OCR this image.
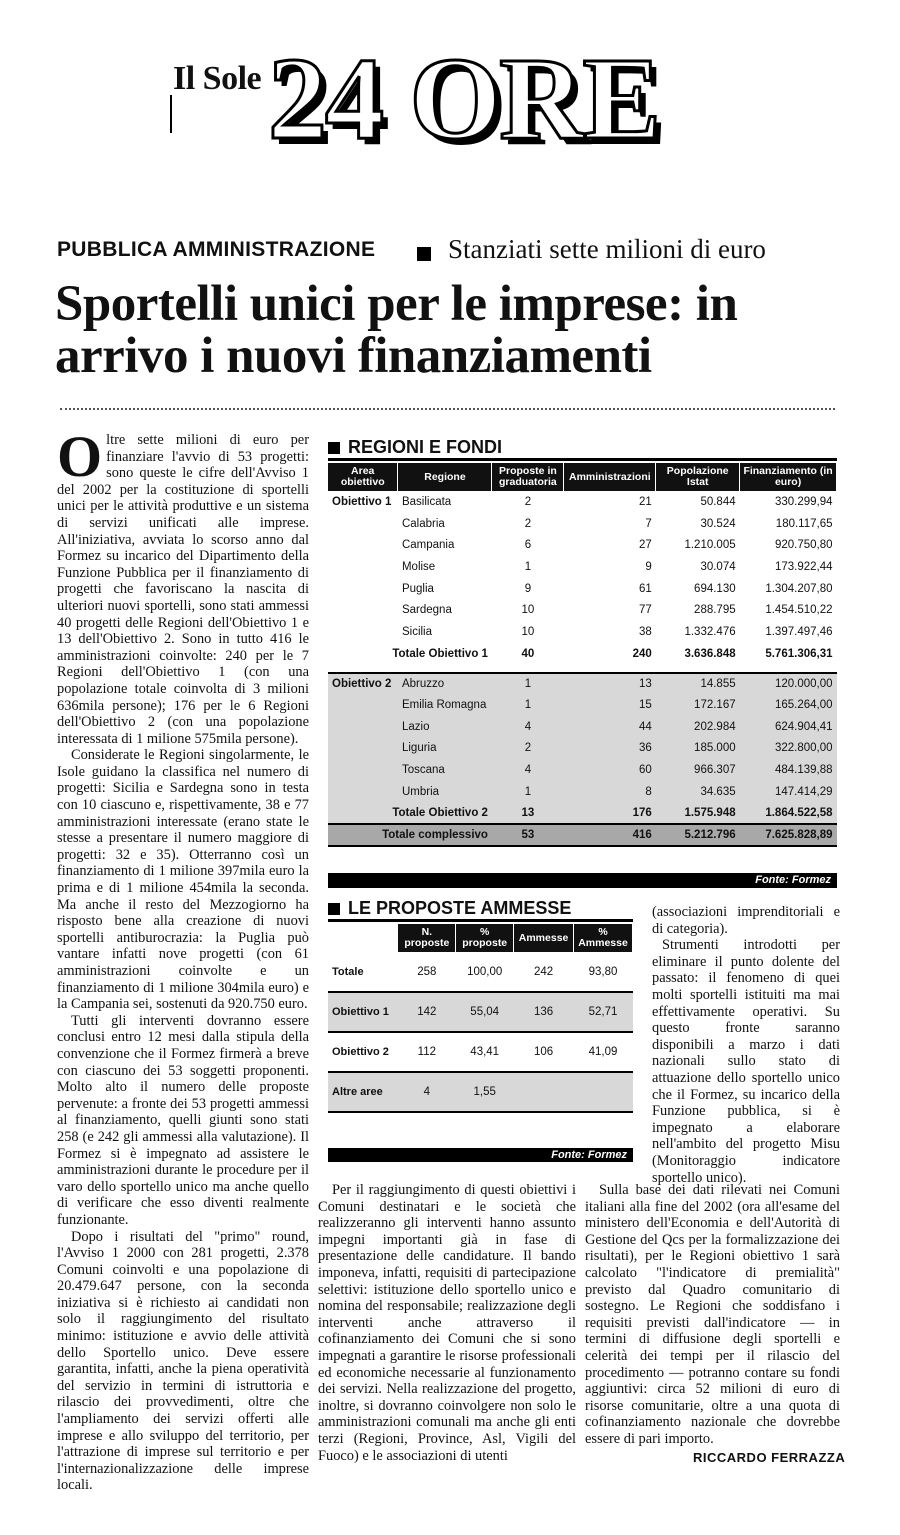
Il Sole 24 ORE
PUBBLICA AMMINISTRAZIONE	Stanziati sette milioni di euro
Sportelli unici per le imprese: in arrivo i nuovi finanziamenti

Oltre sette milioni di euro per finanziare l'avvio di 53 progetti: sono queste le cifre dell'Avviso 1 del 2002 per la costituzione di sportelli unici per le attività produttive e un sistema di servizi unificati alle imprese. All'iniziativa, avviata lo scorso anno dal Formez su incarico del Dipartimento della Funzione Pubblica per il finanziamento di progetti che favoriscano la nascita di ulteriori nuovi sportelli, sono stati ammessi 40 progetti delle Regioni dell'Obiettivo 1 e 13 dell'Obiettivo 2. Sono in tutto 416 le amministrazioni coinvolte: 240 per le 7 Regioni dell'Obiettivo 1 (con una popolazione totale coinvolta di 3 milioni 636mila persone); 176 per le 6 Regioni dell'Obiettivo 2 (con una popolazione interessata di 1 milione 575mila persone).

Considerate le Regioni singolarmente, le Isole guidano la classifica nel numero di progetti: Sicilia e Sardegna sono in testa con 10 ciascuno e, rispettivamente, 38 e 77 amministrazioni interessate (erano state le stesse a presentare il numero maggiore di progetti: 32 e 35). Otterranno così un finanziamento di 1 milione 397mila euro la prima e di 1 milione 454mila la seconda. Ma anche il resto del Mezzogiorno ha risposto bene alla creazione di nuovi sportelli antiburocrazia: la Puglia può vantare infatti nove progetti (con 61 amministrazioni coinvolte e un finanziamento di 1 milione 304mila euro) e la Campania sei, sostenuti da 920.750 euro.

Tutti gli interventi dovranno essere conclusi entro 12 mesi dalla stipula della convenzione che il Formez firmerà a breve con ciascuno dei 53 soggetti proponenti. Molto alto il numero delle proposte pervenute: a fronte dei 53 progetti ammessi al finanziamento, quelli giunti sono stati 258 (e 242 gli ammessi alla valutazione). Il Formez si è impegnato ad assistere le amministrazioni durante le procedure per il varo dello sportello unico ma anche quello di verificare che esso diventi realmente funzionante.

Dopo i risultati del "primo" round, l'Avviso 1 2000 con 281 progetti, 2.378 Comuni coinvolti e una popolazione di 20.479.647 persone, con la seconda iniziativa si è richiesto ai candidati non solo il raggiungimento del risultato minimo: istituzione e avvio delle attività dello Sportello unico. Deve essere garantita, infatti, anche la piena operatività del servizio in termini di istruttoria e rilascio dei provvedimenti, oltre che l'ampliamento dei servizi offerti alle imprese e allo sviluppo del territorio, per l'attrazione di imprese sul territorio e per l'internazionalizzazione delle imprese locali.

REGIONI E FONDI
Area obiettivo	Regione	Proposte in graduatoria	Amministrazioni	Popolazione Istat	Finanziamento (in euro)
Obiettivo 1	Basilicata	2	21	50.844	330.299,94
	Calabria	2	7	30.524	180.117,65
	Campania	6	27	1.210.005	920.750,80
	Molise	1	9	30.074	173.922,44
	Puglia	9	61	694.130	1.304.207,80
	Sardegna	10	77	288.795	1.454.510,22
	Sicilia	10	38	1.332.476	1.397.497,46
Totale Obiettivo 1		40	240	3.636.848	5.761.306,31

Obiettivo 2	Abruzzo	1	13	14.855	120.000,00
	Emilia Romagna	1	15	172.167	165.264,00
	Lazio	4	44	202.984	624.904,41
	Liguria	2	36	185.000	322.800,00
	Toscana	4	60	966.307	484.139,88
	Umbria	1	8	34.635	147.414,29
Totale Obiettivo 2		13	176	1.575.948	1.864.522,58
Totale complessivo		53	416	5.212.796	7.625.828,89
Fonte: Formez
LE PROPOSTE AMMESSE
	N. proposte	% proposte	Ammesse	% Ammesse
Totale	258	100,00	242	93,80
Obiettivo 1	142	55,04	136	52,71
Obiettivo 2	112	43,41	106	41,09
Altre aree	4	1,55		
Fonte: Formez

(associazioni imprenditoriali e di categoria).

Strumenti introdotti per eliminare il punto dolente del passato: il fenomeno di quei molti sportelli istituiti ma mai effettivamente operativi. Su questo fronte saranno disponibili a marzo i dati nazionali sullo stato di attuazione dello sportello unico che il Formez, su incarico della Funzione pubblica, si è impegnato a elaborare nell'ambito del progetto Misu (Monitoraggio indicatore sportello unico).

Per il raggiungimento di questi obiettivi i Comuni destinatari e le società che realizzeranno gli interventi hanno assunto impegni importanti già in fase di presentazione delle candidature. Il bando imponeva, infatti, requisiti di partecipazione selettivi: istituzione dello sportello unico e nomina del responsabile; realizzazione degli interventi anche attraverso il cofinanziamento dei Comuni che si sono impegnati a garantire le risorse professionali ed economiche necessarie al funzionamento dei servizi. Nella realizzazione del progetto, inoltre, si dovranno coinvolgere non solo le amministrazioni comunali ma anche gli enti terzi (Regioni, Province, Asl, Vigili del Fuoco) e le associazioni di utenti

Sulla base dei dati rilevati nei Comuni italiani alla fine del 2002 (ora all'esame del ministero dell'Economia e dell'Autorità di Gestione del Qcs per la formalizzazione dei risultati), per le Regioni obiettivo 1 sarà calcolato "l'indicatore di premialità" previsto dal Quadro comunitario di sostegno. Le Regioni che soddisfano i requisiti previsti dall'indicatore — in termini di diffusione degli sportelli e celerità dei tempi per il rilascio del procedimento — potranno contare su fondi aggiuntivi: circa 52 milioni di euro di risorse comunitarie, oltre a una quota di cofinanziamento nazionale che dovrebbe essere di pari importo.

RICCARDO FERRAZZA
